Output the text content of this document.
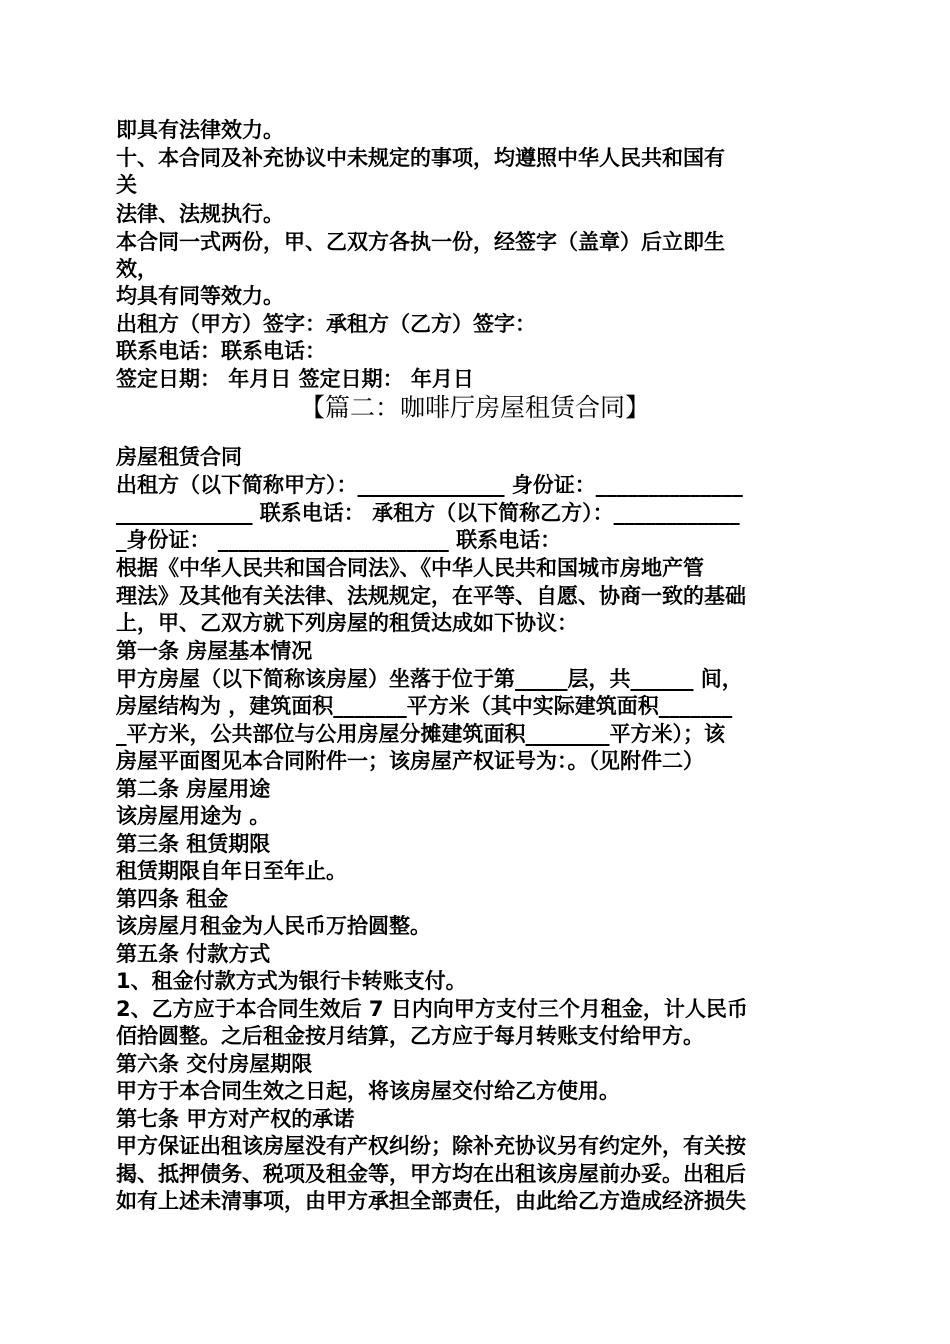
即具有法律效力。
十、本合同及补充协议中未规定的事项，均遵照中华人民共和国有
关
法律、法规执行。
本合同一式两份，甲、乙双方各执一份，经签字（盖章）后立即生
效，
均具有同等效力。
出租方（甲方）签字：承租方（乙方）签字：
联系电话：联系电话：
签定日期： 年月日 签定日期： 年月日
【篇二：咖啡厅房屋租赁合同】
房屋租赁合同
出租方（以下简称甲方）：______________ 身份证：______________
_____________ 联系电话： 承租方（以下简称乙方）：____________
_身份证： ______________________ 联系电话：
根据《中华人民共和国合同法》、《中华人民共和国城市房地产管
理法》及其他有关法律、法规规定，在平等、自愿、协商一致的基础
上，甲、乙双方就下列房屋的租赁达成如下协议：
第一条 房屋基本情况
甲方房屋（以下简称该房屋）坐落于位于第_____层，共______ 间，
房屋结构为 ，建筑面积_______平方米（其中实际建筑面积_______
_平方米，公共部位与公用房屋分摊建筑面积________平方米）；该
房屋平面图见本合同附件一；该房屋产权证号为：。（见附件二）
第二条 房屋用途
该房屋用途为 。
第三条 租赁期限
租赁期限自年日至年止。
第四条 租金
该房屋月租金为人民币万拾圆整。
第五条 付款方式
1、租金付款方式为银行卡转账支付。
2、乙方应于本合同生效后 7 日内向甲方支付三个月租金，计人民币
佰拾圆整。之后租金按月结算，乙方应于每月转账支付给甲方。
第六条 交付房屋期限
甲方于本合同生效之日起，将该房屋交付给乙方使用。
第七条 甲方对产权的承诺
甲方保证出租该房屋没有产权纠纷；除补充协议另有约定外，有关按
揭、抵押债务、税项及租金等，甲方均在出租该房屋前办妥。出租后
如有上述未清事项，由甲方承担全部责任，由此给乙方造成经济损失
